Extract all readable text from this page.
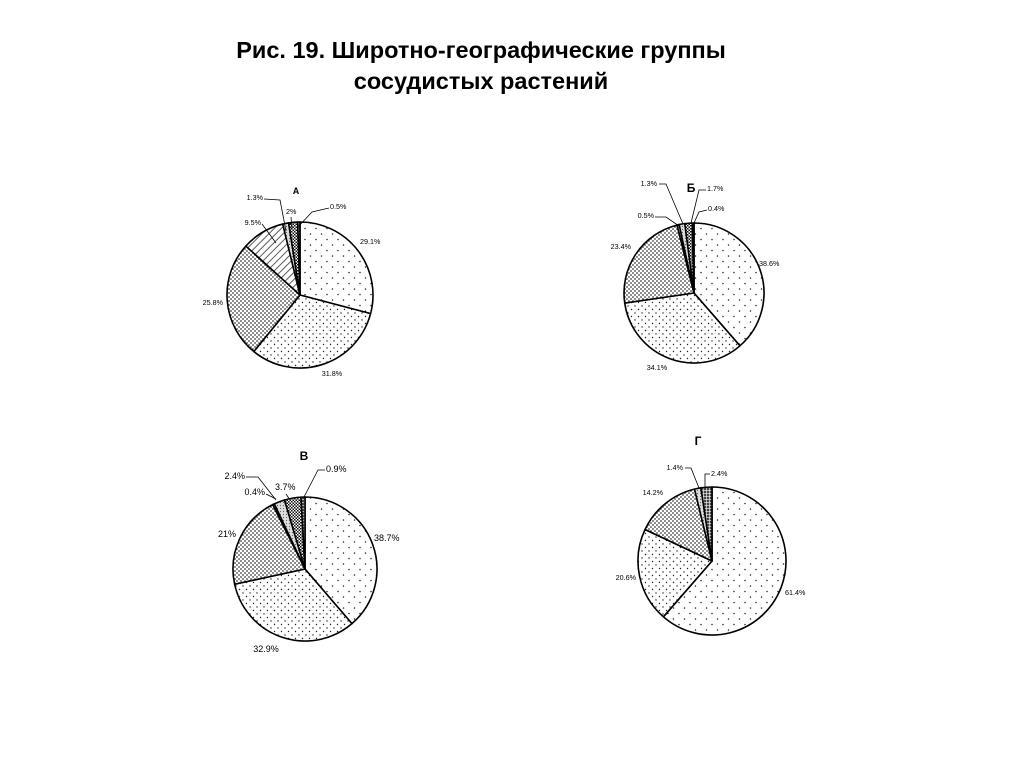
Рис. 19. Широтно-географические группы
сосудистых растений
А
29.1%
31.8%
25.8%
9.5%
1.3%
2%
0.5%
Б
38.6%
34.1%
23.4%
0.5%
1.3%
1.7%
0.4%
В
38.7%
32.9%
21%
0.4%
2.4%
3.7%
0.9%
Г
61.4%
20.6%
14.2%
1.4%
2.4%
